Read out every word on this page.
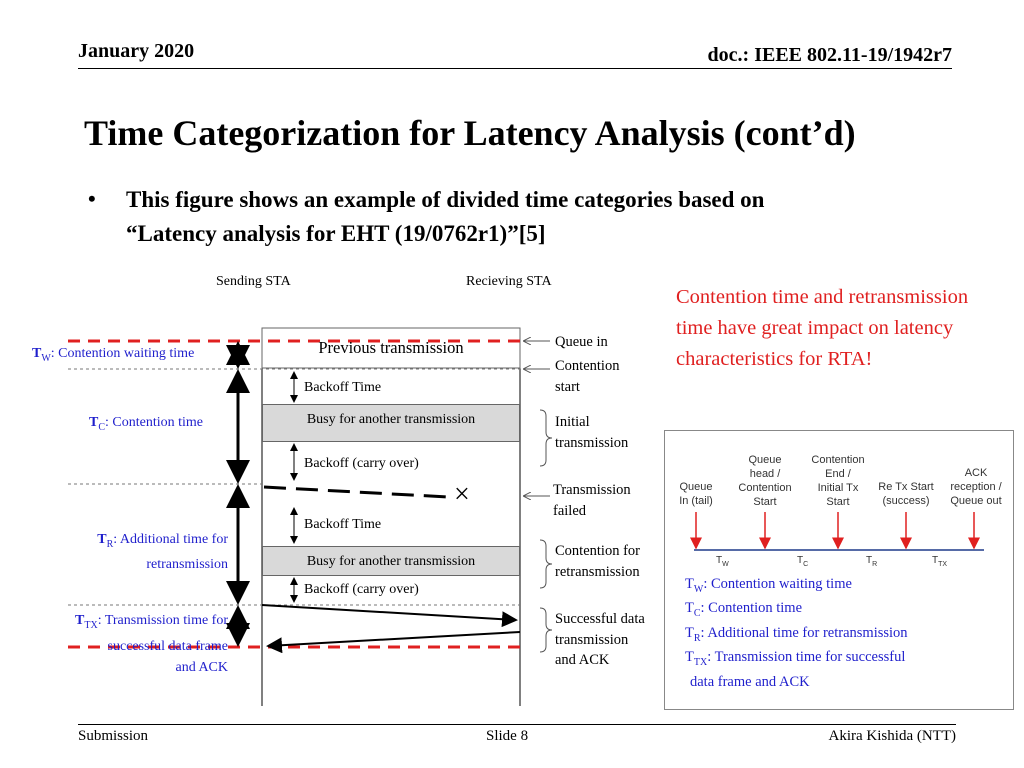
January 2020	doc.: IEEE 802.11-19/1942r7
Time Categorization for Latency Analysis (cont’d)
• This figure shows an example of divided time categories based on
“Latency analysis for EHT (19/0762r1)”[5]
Sending STA	Recieving STA
Previous transmission
Backoff Time
Busy for another transmission
Backoff (carry over)
×
Backoff Time
Busy for another transmission
Backoff (carry over)
$T_W$: Contention waiting time
$T_C$: Contention time
$T_R$: Additional time for
retransmission
$T_{TX}$: Transmission time for
successful data frame
and ACK
Queue in
Contention
start
Initial
transmission
Transmission
failed
Contention for
retransmission
Successful data
transmission
and ACK
Contention time and retransmission time have great impact on latency characteristics for RTA!
Queue
In (tail)
Queue
head /
Contention
Start
Contention
End /
Initial Tx
Start
Re Tx Start
(success)
ACK
reception /
Queue out
$T_W$	$T_C$	$T_R$	$T_{TX}$
$T_W$: Contention waiting time
$T_C$: Contention time
$T_R$: Additional time for retransmission
$T_{TX}$: Transmission time for successful
data frame and ACK
Submission	Slide 8	Akira Kishida (NTT)
